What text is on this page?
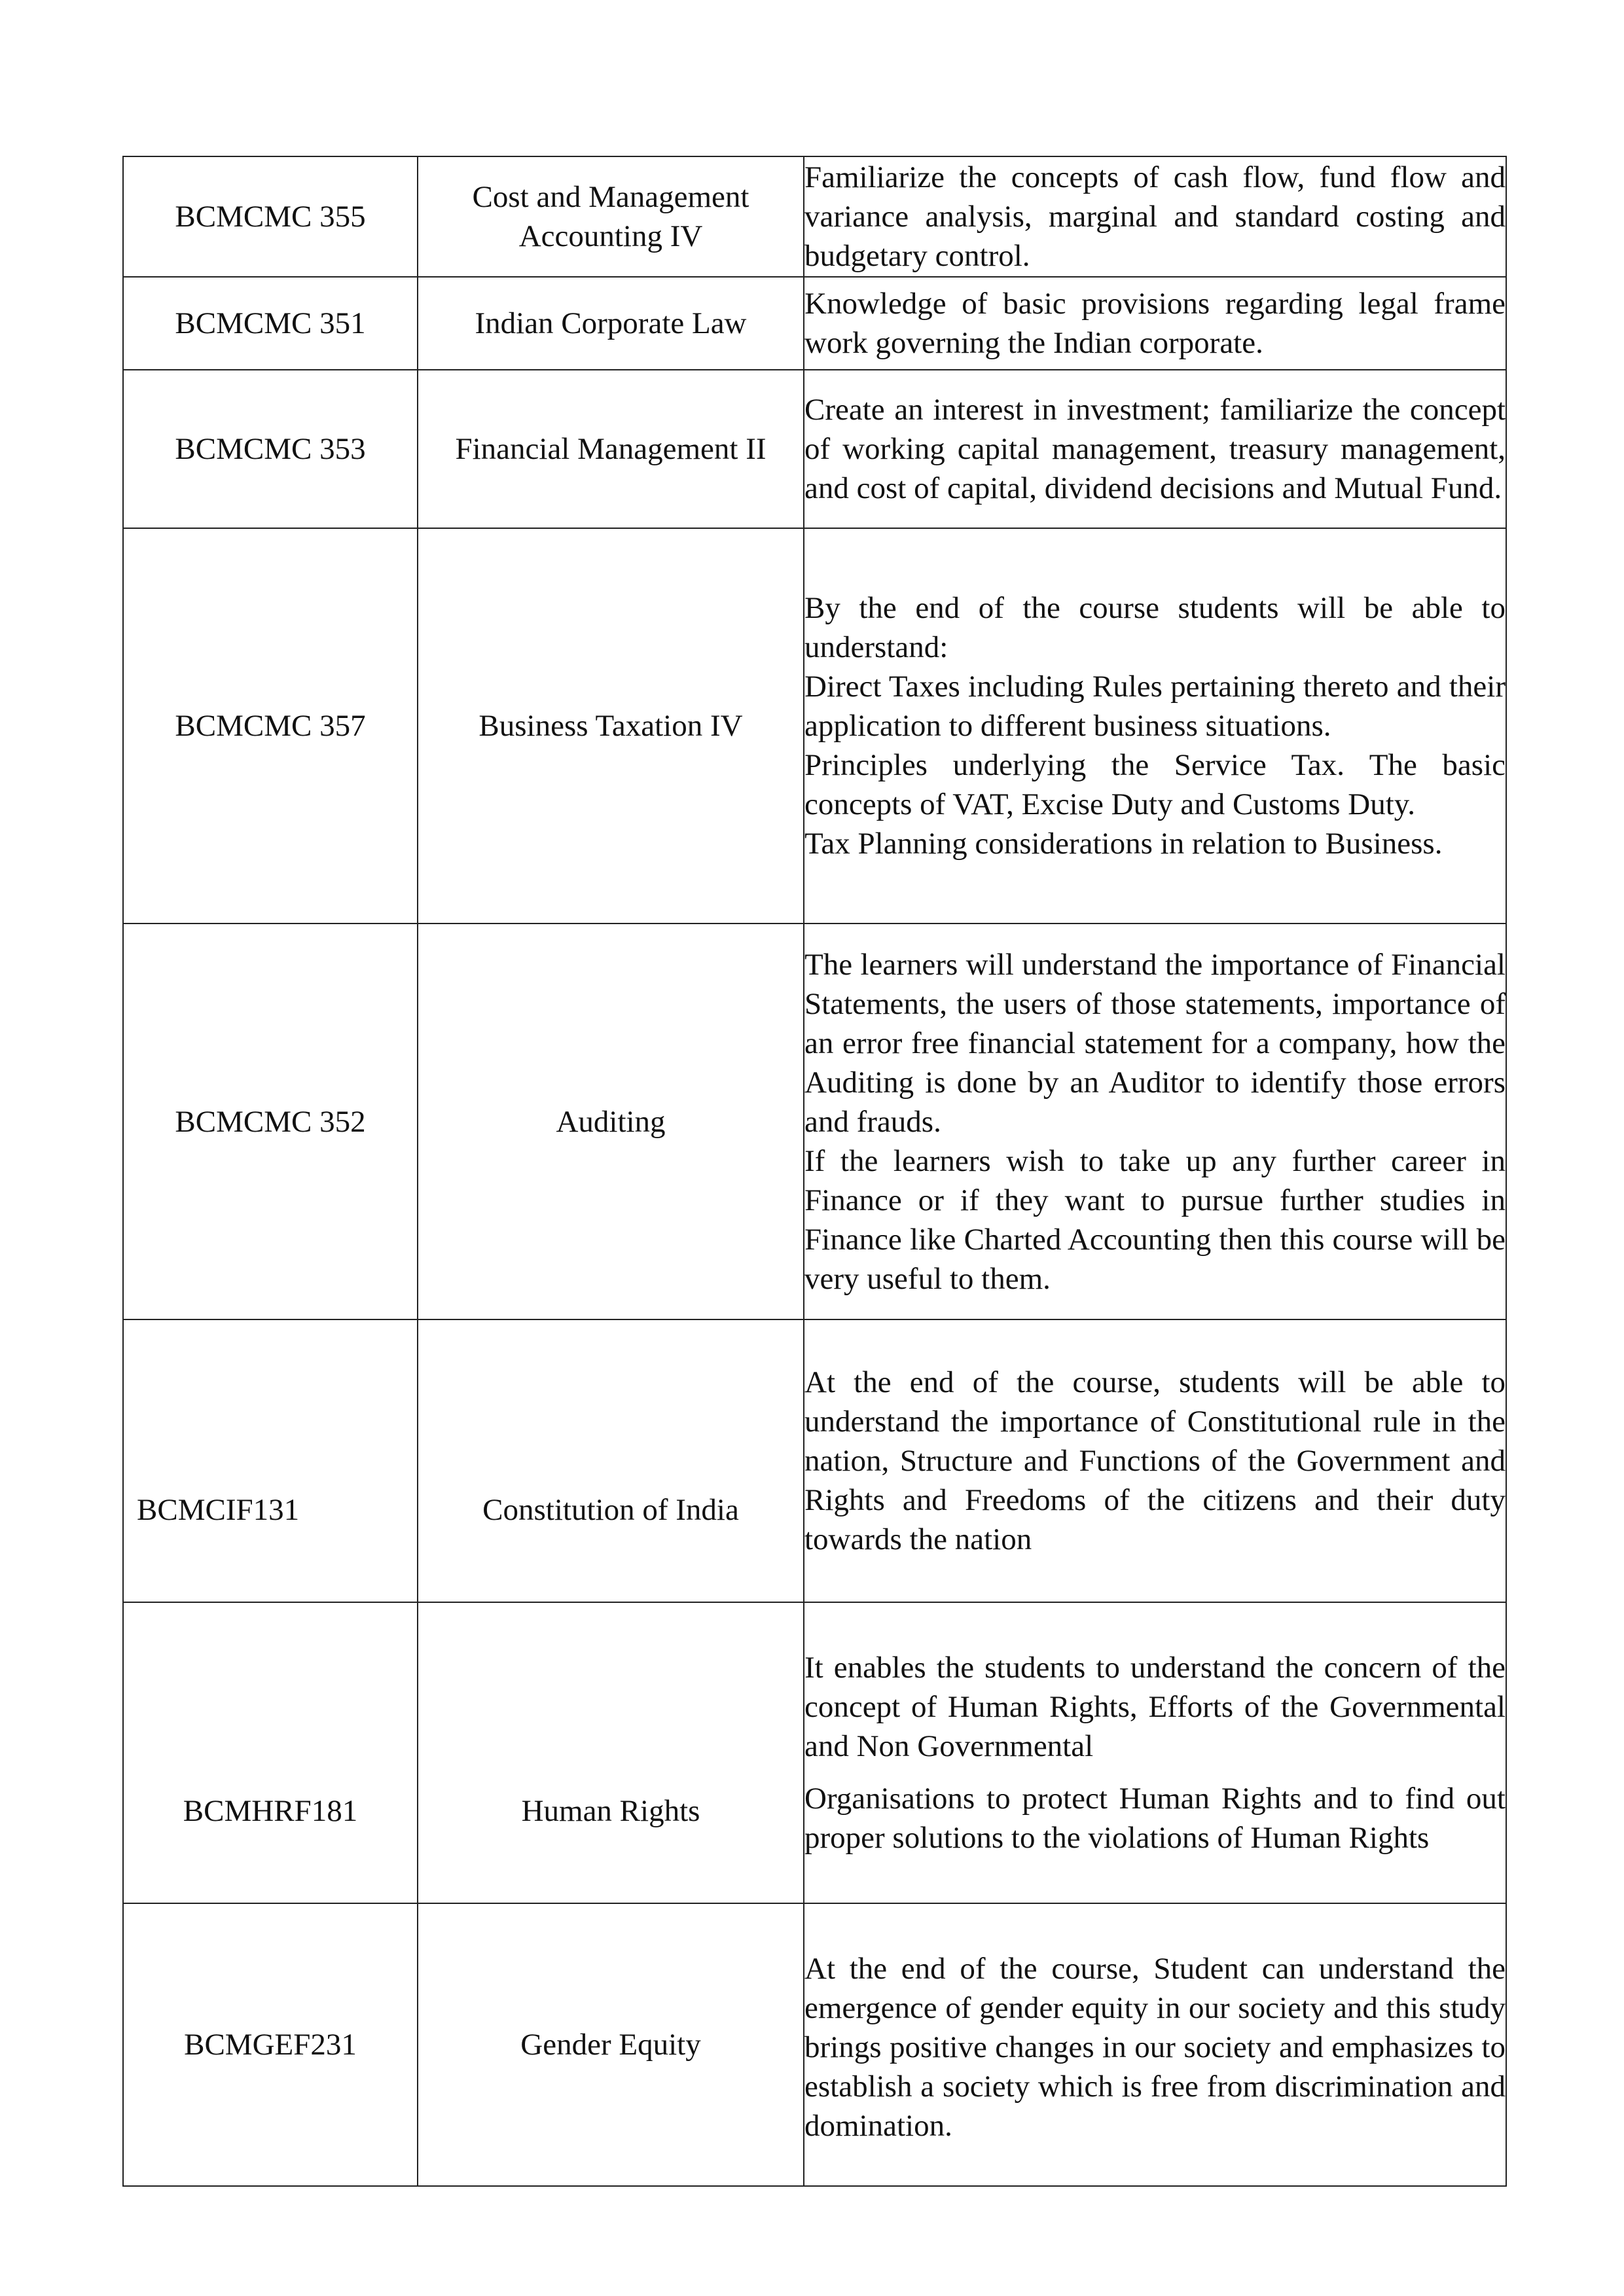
BCMCMC 355	Cost and Management Accounting IV	Familiarize the concepts of cash flow, fund flow and variance analysis, marginal and standard costing and budgetary control.

BCMCMC 351	Indian Corporate Law	Knowledge of basic provisions regarding legal frame work governing the Indian corporate.

BCMCMC 353	Financial Management II	Create an interest in investment; familiarize the concept of working capital management, treasury management, and cost of capital, dividend decisions and Mutual Fund.

BCMCMC 357	Business Taxation IV	By the end of the course students will be able to understand:

Direct Taxes including Rules pertaining thereto and their application to different business situations.

Principles underlying the Service Tax. The basic concepts of VAT, Excise Duty and Customs Duty.

Tax Planning considerations in relation to Business.

BCMCMC 352	Auditing	The learners will understand the importance of Financial Statements, the users of those statements, importance of an error free financial statement for a company, how the Auditing is done by an Auditor to identify those errors and frauds.

If the learners wish to take up any further career in Finance or if they want to pursue further studies in Finance like Charted Accounting then this course will be very useful to them.

BCMCIF131	Constitution of India	At the end of the course, students will be able to understand the importance of Constitutional rule in the nation, Structure and Functions of the Government and Rights and Freedoms of the citizens and their duty towards the nation

BCMHRF181	Human Rights	It enables the students to understand the concern of the concept of Human Rights, Efforts of the Governmental and Non Governmental

Organisations to protect Human Rights and to find out proper solutions to the violations of Human Rights

BCMGEF231	Gender Equity	At the end of the course, Student can understand the emergence of gender equity in our society and this study brings positive changes in our society and emphasizes to establish a society which is free from discrimination and domination.
